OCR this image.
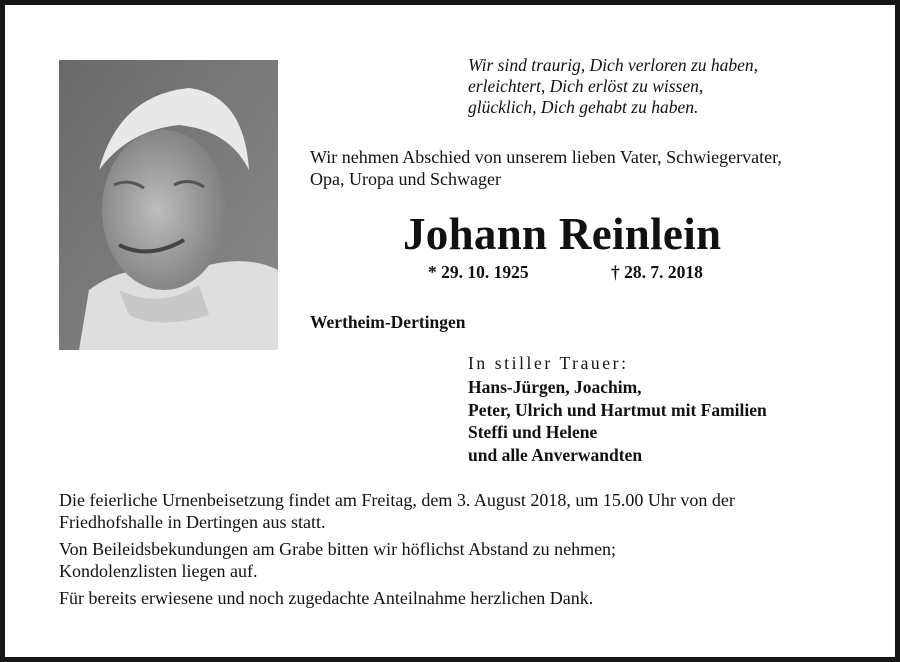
Wir sind traurig, Dich verloren zu haben,
erleichtert, Dich erlöst zu wissen,
glücklich, Dich gehabt zu haben.
Wir nehmen Abschied von unserem lieben Vater, Schwiegervater,
Opa, Uropa und Schwager
Johann Reinlein
* 29. 10. 1925	† 28. 7. 2018
Wertheim-Dertingen
In stiller Trauer:
Hans-Jürgen, Joachim,
Peter, Ulrich und Hartmut mit Familien
Steffi und Helene
und alle Anverwandten
Die feierliche Urnenbeisetzung findet am Freitag, dem 3. August 2018, um 15.00 Uhr von der
Friedhofshalle in Dertingen aus statt.
Von Beileidsbekundungen am Grabe bitten wir höflichst Abstand zu nehmen;
Kondolenzlisten liegen auf.
Für bereits erwiesene und noch zugedachte Anteilnahme herzlichen Dank.
